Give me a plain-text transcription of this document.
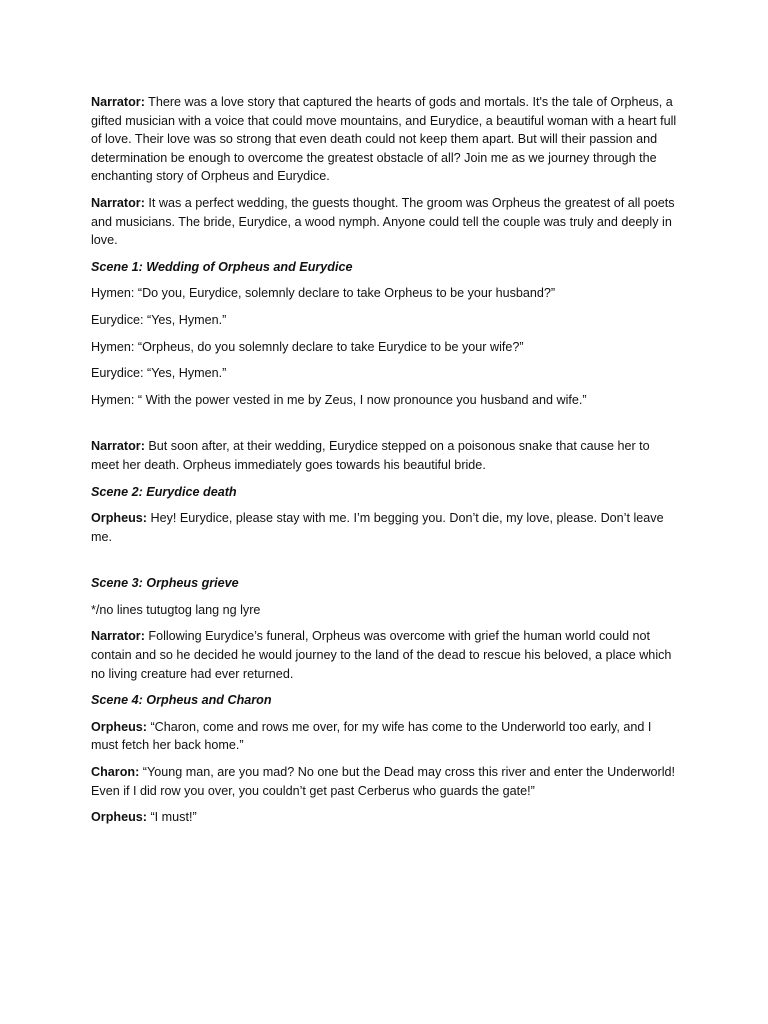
Narrator: There was a love story that captured the hearts of gods and mortals. It's the tale of Orpheus, a gifted musician with a voice that could move mountains, and Eurydice, a beautiful woman with a heart full of love. Their love was so strong that even death could not keep them apart. But will their passion and determination be enough to overcome the greatest obstacle of all? Join me as we journey through the enchanting story of Orpheus and Eurydice.

Narrator: It was a perfect wedding, the guests thought. The groom was Orpheus the greatest of all poets and musicians. The bride, Eurydice, a wood nymph. Anyone could tell the couple was truly and deeply in love.

Scene 1: Wedding of Orpheus and Eurydice

Hymen: “Do you, Eurydice, solemnly declare to take Orpheus to be your husband?”

Eurydice: “Yes, Hymen.”

Hymen: “Orpheus, do you solemnly declare to take Eurydice to be your wife?”

Eurydice: “Yes, Hymen.”

Hymen: “ With the power vested in me by Zeus, I now pronounce you husband and wife.”

Narrator: But soon after, at their wedding, Eurydice stepped on a poisonous snake that cause her to meet her death. Orpheus immediately goes towards his beautiful bride.

Scene 2: Eurydice death

Orpheus: Hey! Eurydice, please stay with me. I’m begging you. Don’t die, my love, please. Don’t leave me.

Scene 3: Orpheus grieve

*/no lines tutugtog lang ng lyre

Narrator: Following Eurydice’s funeral, Orpheus was overcome with grief the human world could not contain and so he decided he would journey to the land of the dead to rescue his beloved, a place which no living creature had ever returned.

Scene 4: Orpheus and Charon

Orpheus: “Charon, come and rows me over, for my wife has come to the Underworld too early, and I must fetch her back home.”

Charon: “Young man, are you mad? No one but the Dead may cross this river and enter the Underworld! Even if I did row you over, you couldn’t get past Cerberus who guards the gate!”

Orpheus: “I must!”
